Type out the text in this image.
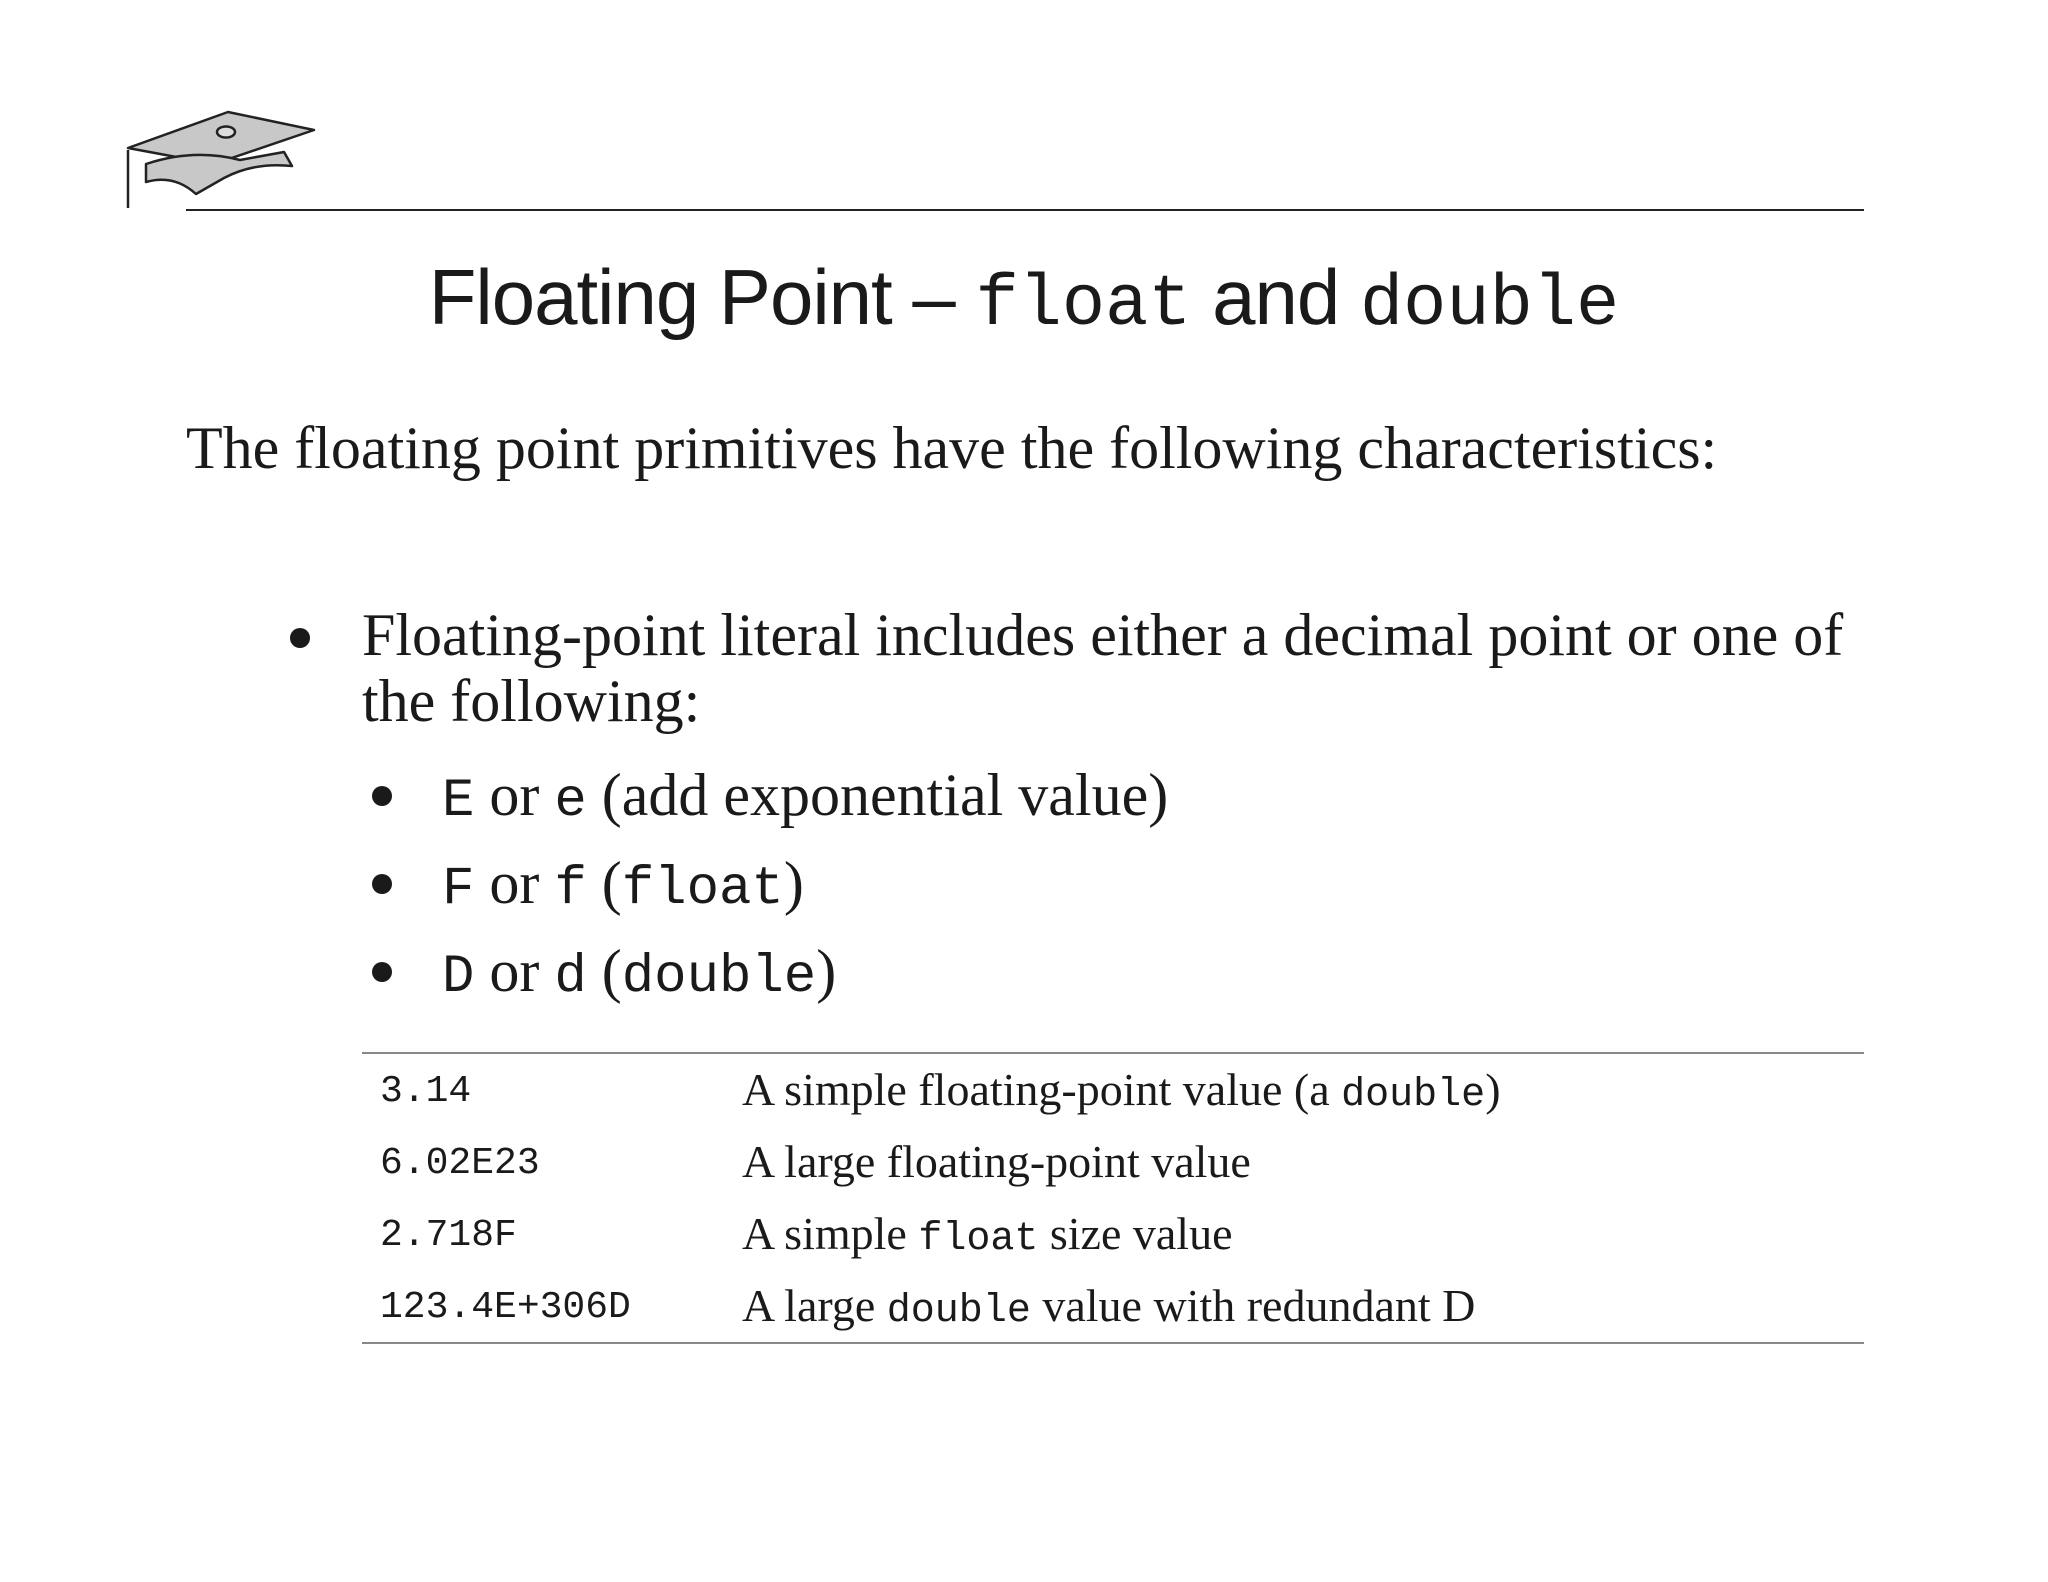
Floating Point – float and double
The floating point primitives have the following characteristics:
Floating-point literal includes either a decimal point or one of the following:
E or e (add exponential value)
F or f (float)
D or d (double)
3.14	A simple floating-point value (a double)
6.02E23	A large floating-point value
2.718F	A simple float size value
123.4E+306D A large double value with redundant D
